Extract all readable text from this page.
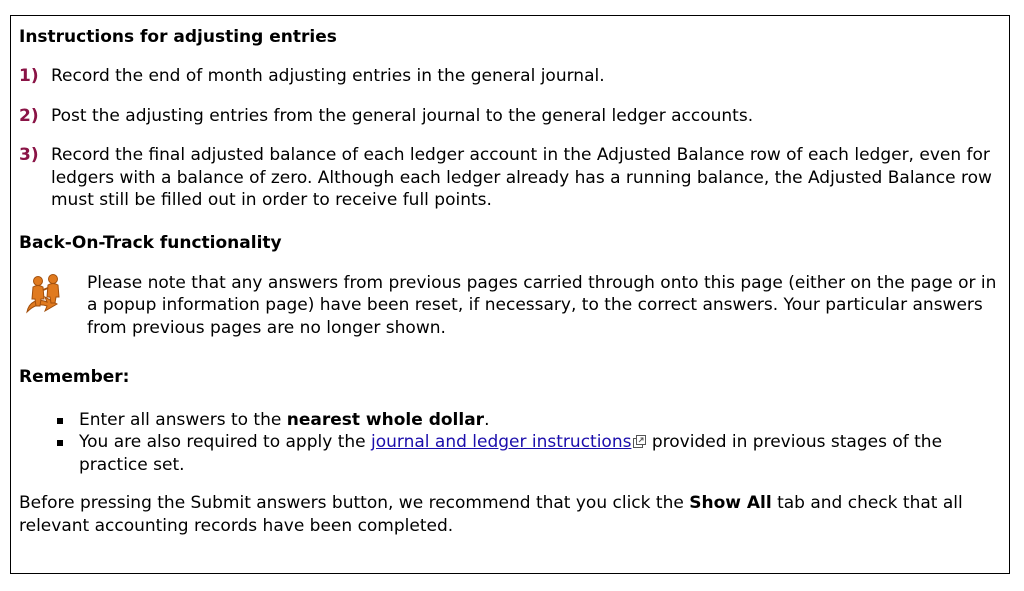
Instructions for adjusting entries

1) Record the end of month adjusting entries in the general journal.
2) Post the adjusting entries from the general journal to the general ledger accounts.
3) Record the final adjusted balance of each ledger account in the Adjusted Balance row of each ledger, even for ledgers with a balance of zero. Although each ledger already has a running balance, the Adjusted Balance row must still be filled out in order to receive full points.

Back-On-Track functionality

Please note that any answers from previous pages carried through onto this page (either on the page or in a popup information page) have been reset, if necessary, to the correct answers. Your particular answers from previous pages are no longer shown.

Remember:

Enter all answers to the nearest whole dollar.
You are also required to apply the journal and ledger instructions provided in previous stages of the practice set.
Before pressing the Submit answers button, we recommend that you click the Show All tab and check that all relevant accounting records have been completed.
